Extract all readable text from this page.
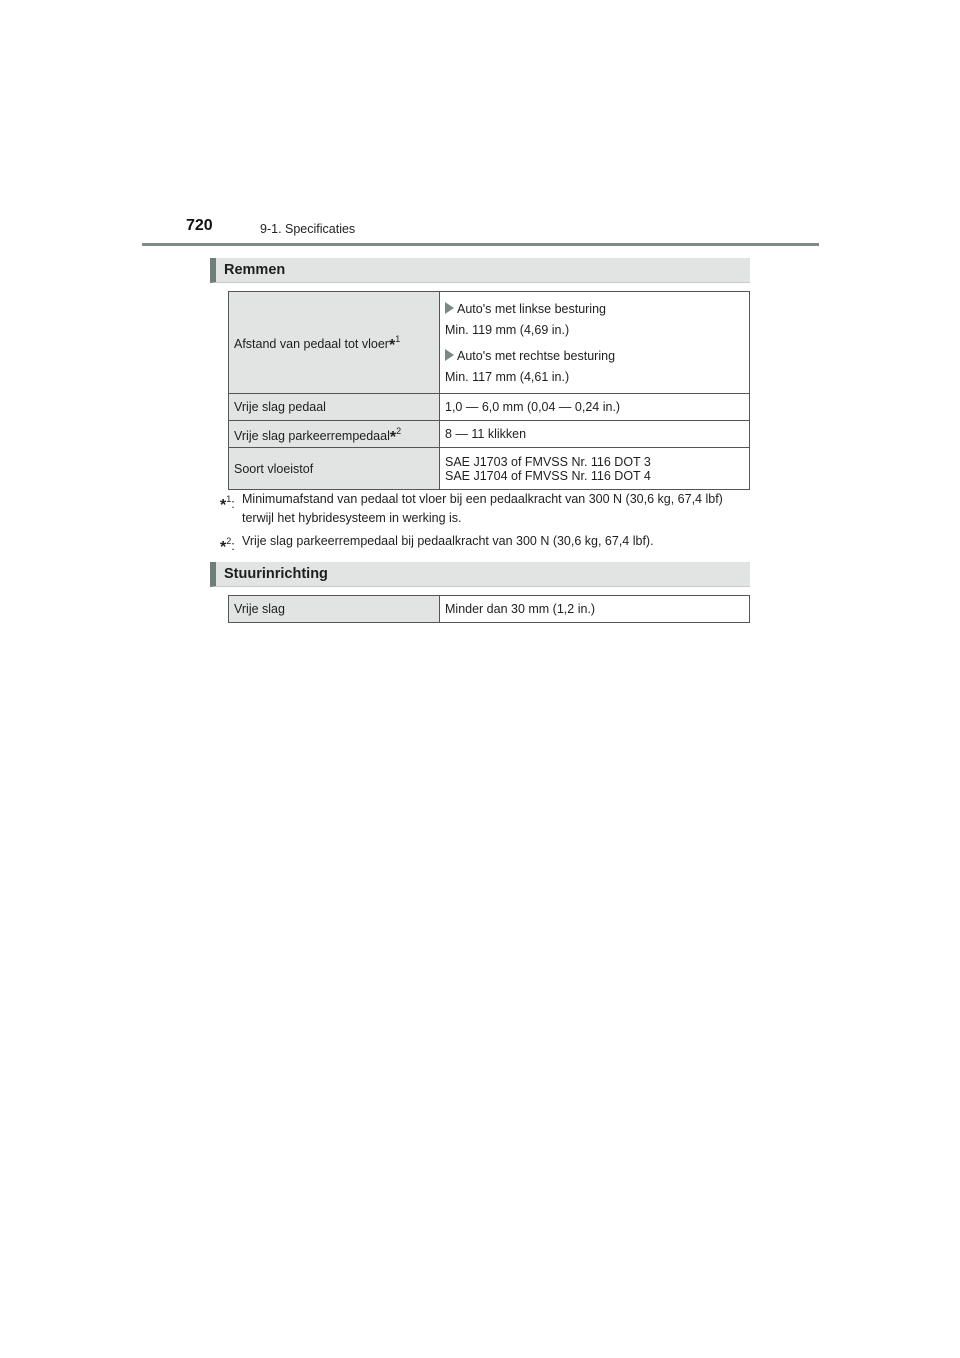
720	9-1. Specificaties
Remmen
Afstand van pedaal tot vloer*$^1$	Auto's met linkse besturing
Min. 119 mm (4,69 in.)
Auto's met rechtse besturing
Min. 117 mm (4,61 in.)

Vrije slag pedaal	1,0 — 6,0 mm (0,04 — 0,24 in.)
Vrije slag parkeerrempedaal*$^2$	8 — 11 klikken
Soort vloeistof	SAE J1703 of FMVSS Nr. 116 DOT 3
SAE J1704 of FMVSS Nr. 116 DOT 4
*$^1$: Minimumafstand van pedaal tot vloer bij een pedaalkracht van 300 N (30,6 kg, 67,4 lbf) terwijl het hybridesysteem in werking is.
*$^2$: Vrije slag parkeerrempedaal bij pedaalkracht van 300 N (30,6 kg, 67,4 lbf).
Stuurinrichting
Vrije slag	Minder dan 30 mm (1,2 in.)
